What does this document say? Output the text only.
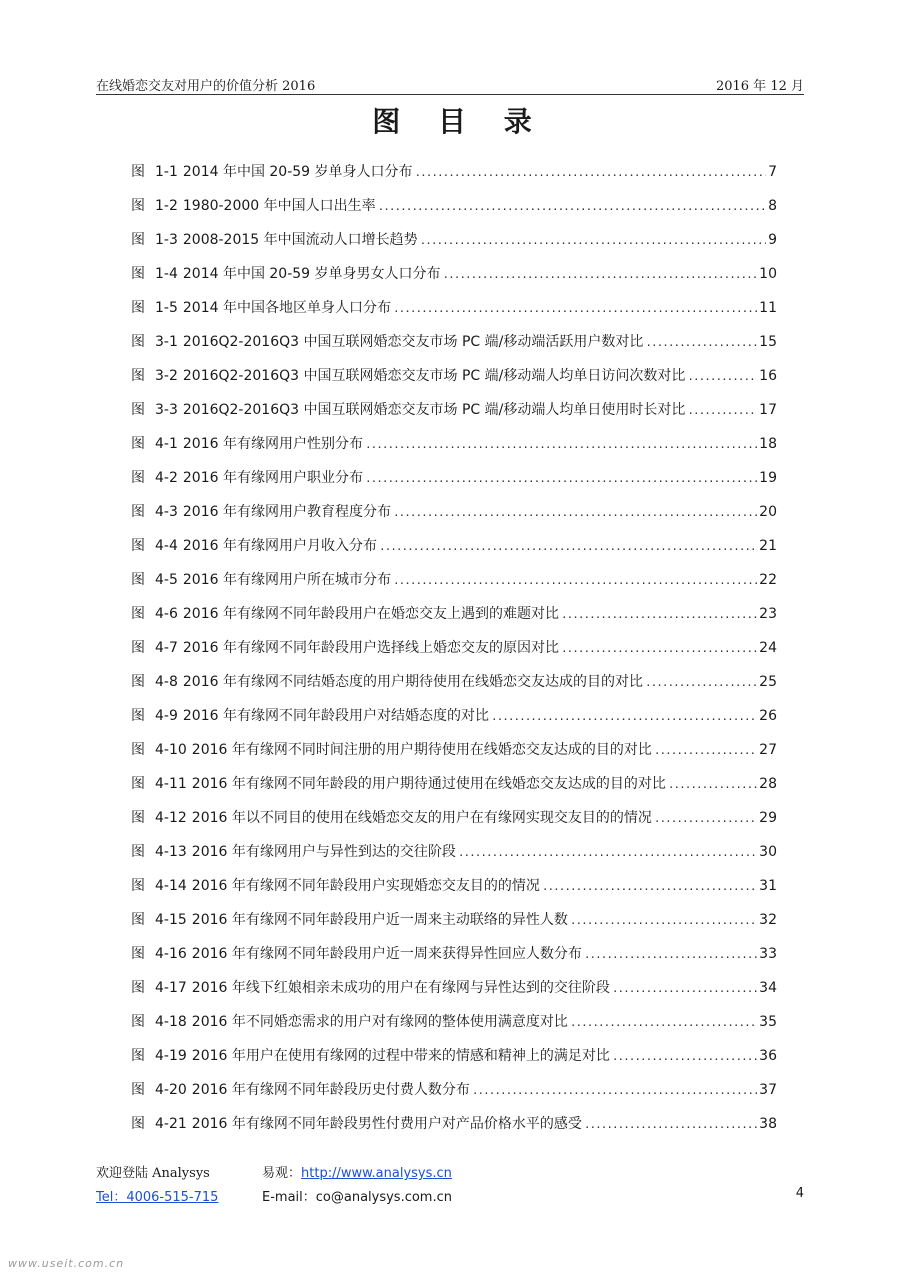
在线婚恋交友对用户的价值分析 2016	2016 年 12 月
图 目 录
图 1-1 2014 年中国 20-59 岁单身人口分布 .....	7
图 1-2 1980-2000 年中国人口出生率 .....	8
图 1-3 2008-2015 年中国流动人口增长趋势 .....	9
图 1-4 2014 年中国 20-59 岁单身男女人口分布 .....	10
图 1-5 2014 年中国各地区单身人口分布 .....	11
图 3-1 2016Q2-2016Q3 中国互联网婚恋交友市场 PC 端/移动端活跃用户数对比 .....	15
图 3-2 2016Q2-2016Q3 中国互联网婚恋交友市场 PC 端/移动端人均单日访问次数对比 .....	16
图 3-3 2016Q2-2016Q3 中国互联网婚恋交友市场 PC 端/移动端人均单日使用时长对比 .....	17
图 4-1 2016 年有缘网用户性别分布 .....	18
图 4-2 2016 年有缘网用户职业分布 .....	19
图 4-3 2016 年有缘网用户教育程度分布 .....	20
图 4-4 2016 年有缘网用户月收入分布 .....	21
图 4-5 2016 年有缘网用户所在城市分布 .....	22
图 4-6 2016 年有缘网不同年龄段用户在婚恋交友上遇到的难题对比 .....	23
图 4-7 2016 年有缘网不同年龄段用户选择线上婚恋交友的原因对比 .....	24
图 4-8 2016 年有缘网不同结婚态度的用户期待使用在线婚恋交友达成的目的对比 .....	25
图 4-9 2016 年有缘网不同年龄段用户对结婚态度的对比 .....	26
图 4-10 2016 年有缘网不同时间注册的用户期待使用在线婚恋交友达成的目的对比 .....	27
图 4-11 2016 年有缘网不同年龄段的用户期待通过使用在线婚恋交友达成的目的对比 .....	28
图 4-12 2016 年以不同目的使用在线婚恋交友的用户在有缘网实现交友目的的情况 .....	29
图 4-13 2016 年有缘网用户与异性到达的交往阶段 .....	30
图 4-14 2016 年有缘网不同年龄段用户实现婚恋交友目的的情况 .....	31
图 4-15 2016 年有缘网不同年龄段用户近一周来主动联络的异性人数 .....	32
图 4-16 2016 年有缘网不同年龄段用户近一周来获得异性回应人数分布 .....	33
图 4-17 2016 年线下红娘相亲未成功的用户在有缘网与异性达到的交往阶段 .....	34
图 4-18 2016 年不同婚恋需求的用户对有缘网的整体使用满意度对比 .....	35
图 4-19 2016 年用户在使用有缘网的过程中带来的情感和精神上的满足对比 .....	36
图 4-20 2016 年有缘网不同年龄段历史付费人数分布 .....	37
图 4-21 2016 年有缘网不同年龄段男性付费用户对产品价格水平的感受 .....	38
欢迎登陆 Analysys	易观：http://www.analysys.cn
Tel：4006-515-715	E-mail：co@analysys.com.cn	4
www.useit.com.cn
